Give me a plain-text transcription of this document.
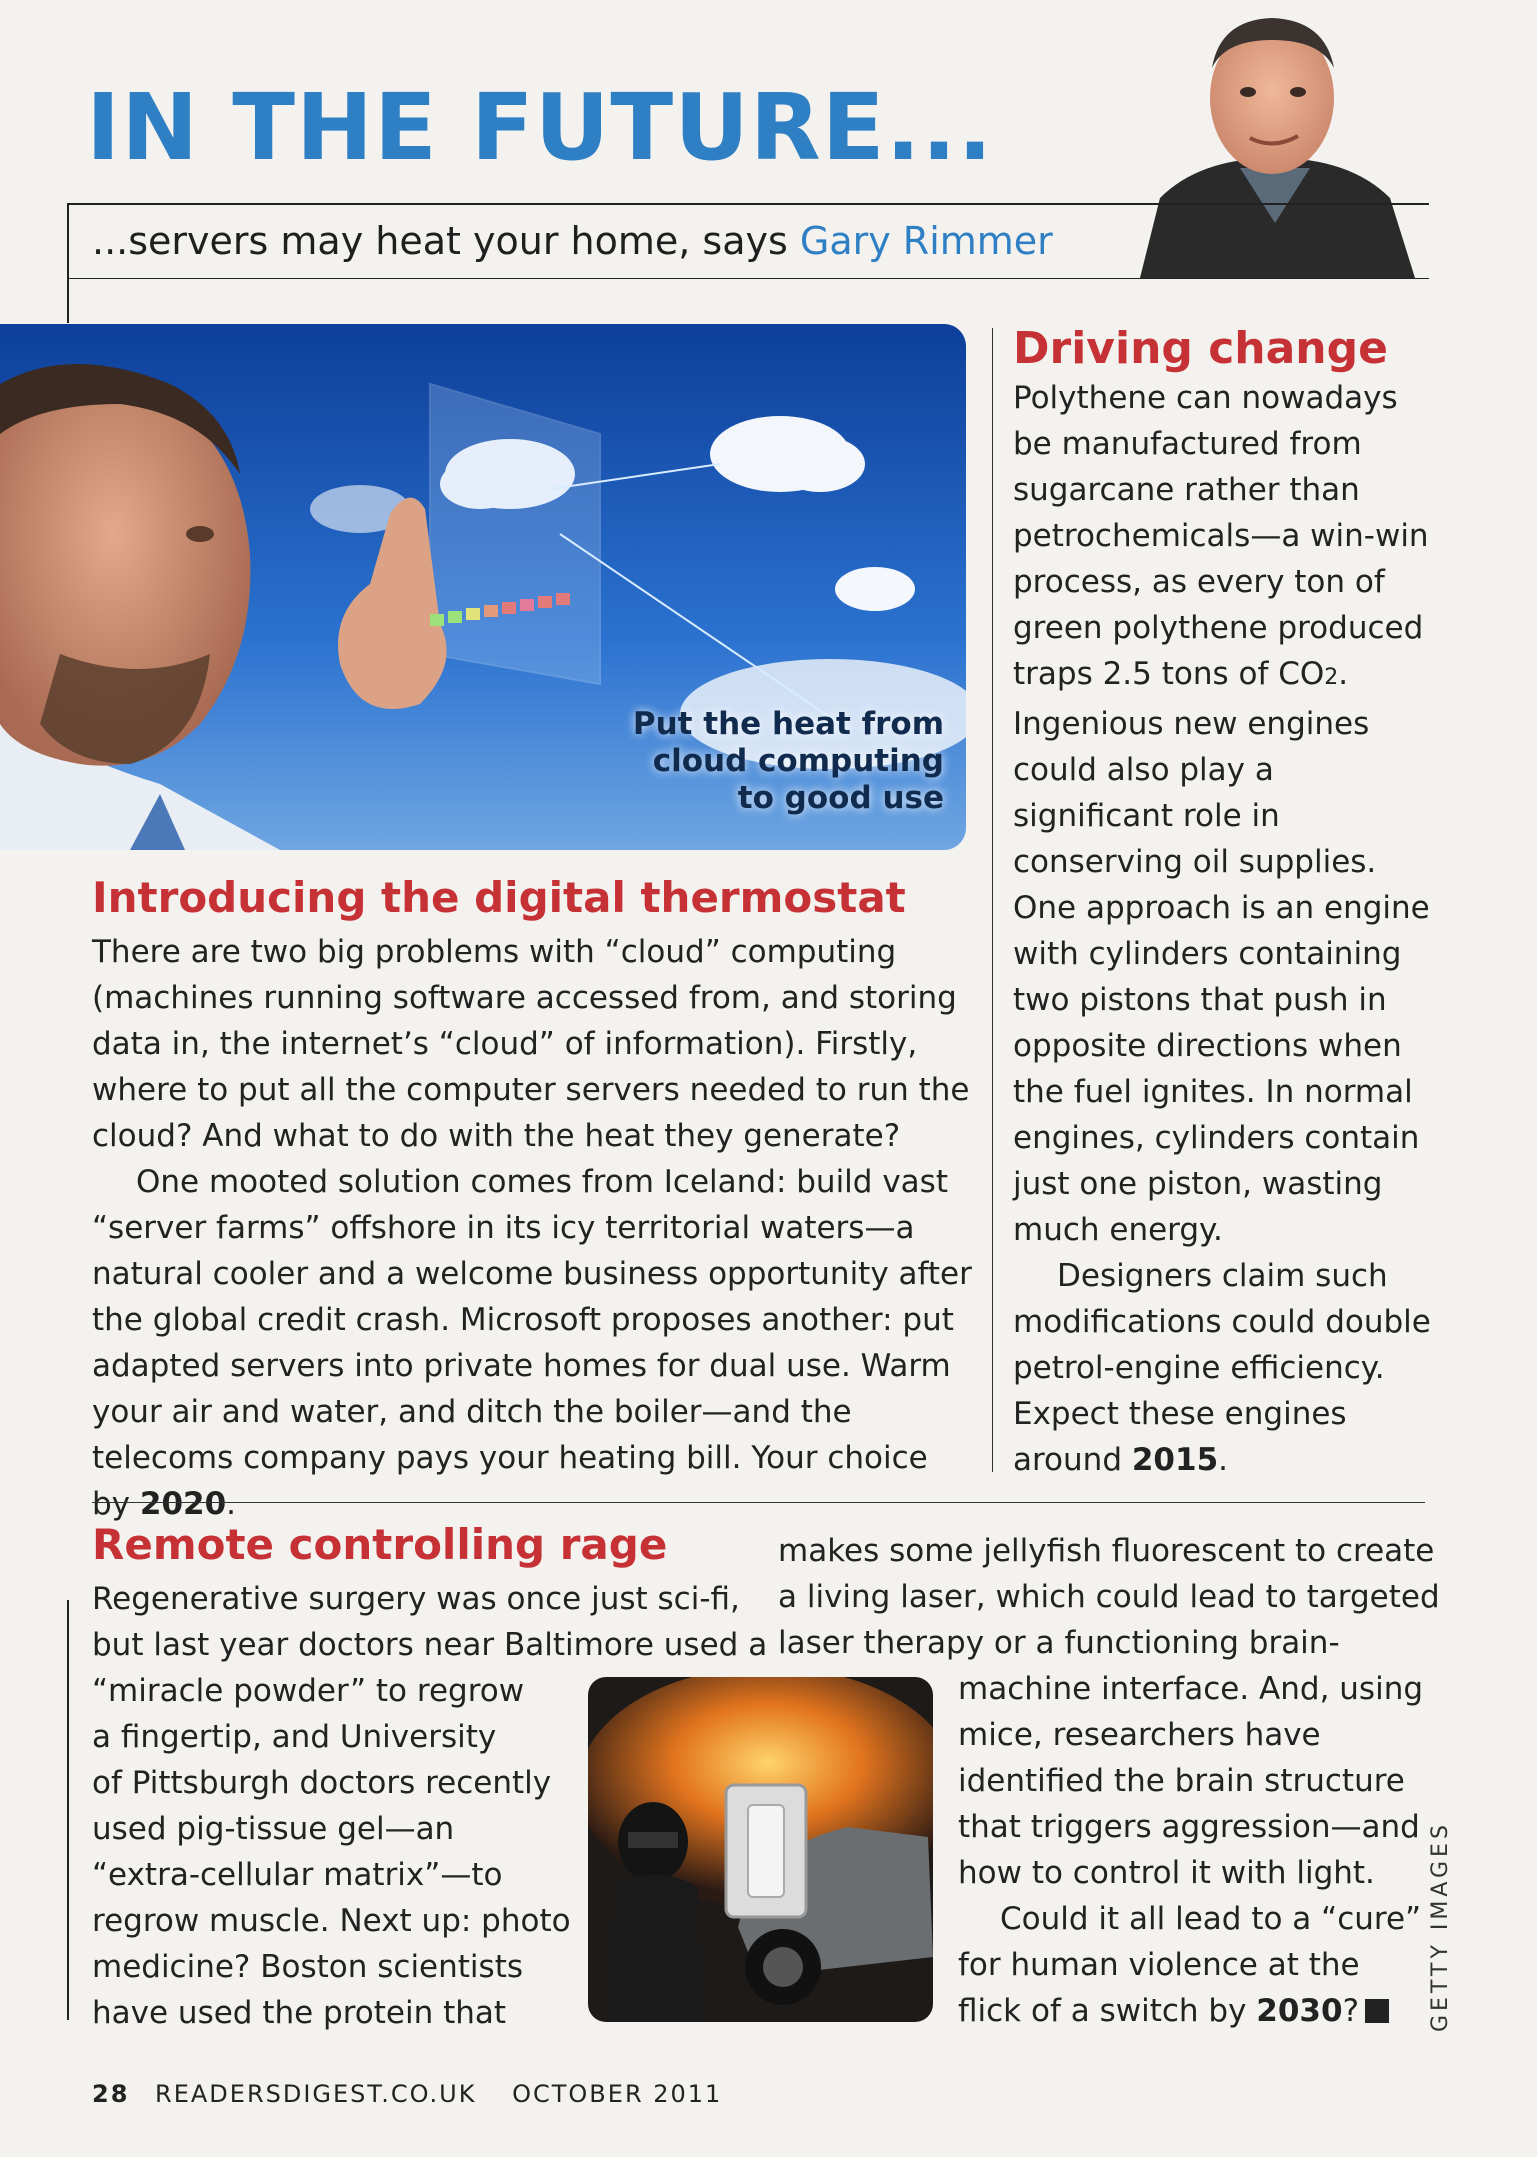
IN THE FUTURE...
...servers may heat your home, says Gary Rimmer
Put the heat from
cloud computing
to good use
Introducing the digital thermostat

There are two big problems with “cloud” computing (machines running software accessed from, and storing data in, the internet’s “cloud” of information). Firstly, where to put all the computer servers needed to run the cloud? And what to do with the heat they generate?

One mooted solution comes from Iceland: build vast “server farms” offshore in its icy territorial waters—a natural cooler and a welcome business opportunity after the global credit crash. Microsoft proposes another: put adapted servers into private homes for dual use. Warm your air and water, and ditch the boiler—and the telecoms company pays your heating bill. Your choice by 2020.

Driving change

Polythene can nowadays be manufactured from sugarcane rather than petrochemicals—a win-win process, as every ton of green polythene produced traps 2.5 tons of CO2. Ingenious new engines could also play a significant role in conserving oil supplies. One approach is an engine with cylinders containing two pistons that push in opposite directions when the fuel ignites. In normal engines, cylinders contain just one piston, wasting much energy.

Designers claim such modifications could double petrol-engine efficiency. Expect these engines around 2015.

Remote controlling rage
Regenerative surgery was once just sci-fi,
but last year doctors near Baltimore used a
“miracle powder” to regrow
a fingertip, and University
of Pittsburgh doctors recently
used pig-tissue gel—an
“extra-cellular matrix”—to
regrow muscle. Next up: photo
medicine? Boston scientists
have used the protein that
makes some jellyfish fluorescent to create
a living laser, which could lead to targeted
laser therapy or a functioning brain-
machine interface. And, using
mice, researchers have
identified the brain structure
that triggers aggression—and
how to control it with light.
Could it all lead to a “cure”
for human violence at the
flick of a switch by 2030?	GETTY IMAGES
28 READERSDIGEST.CO.UK OCTOBER 2011
